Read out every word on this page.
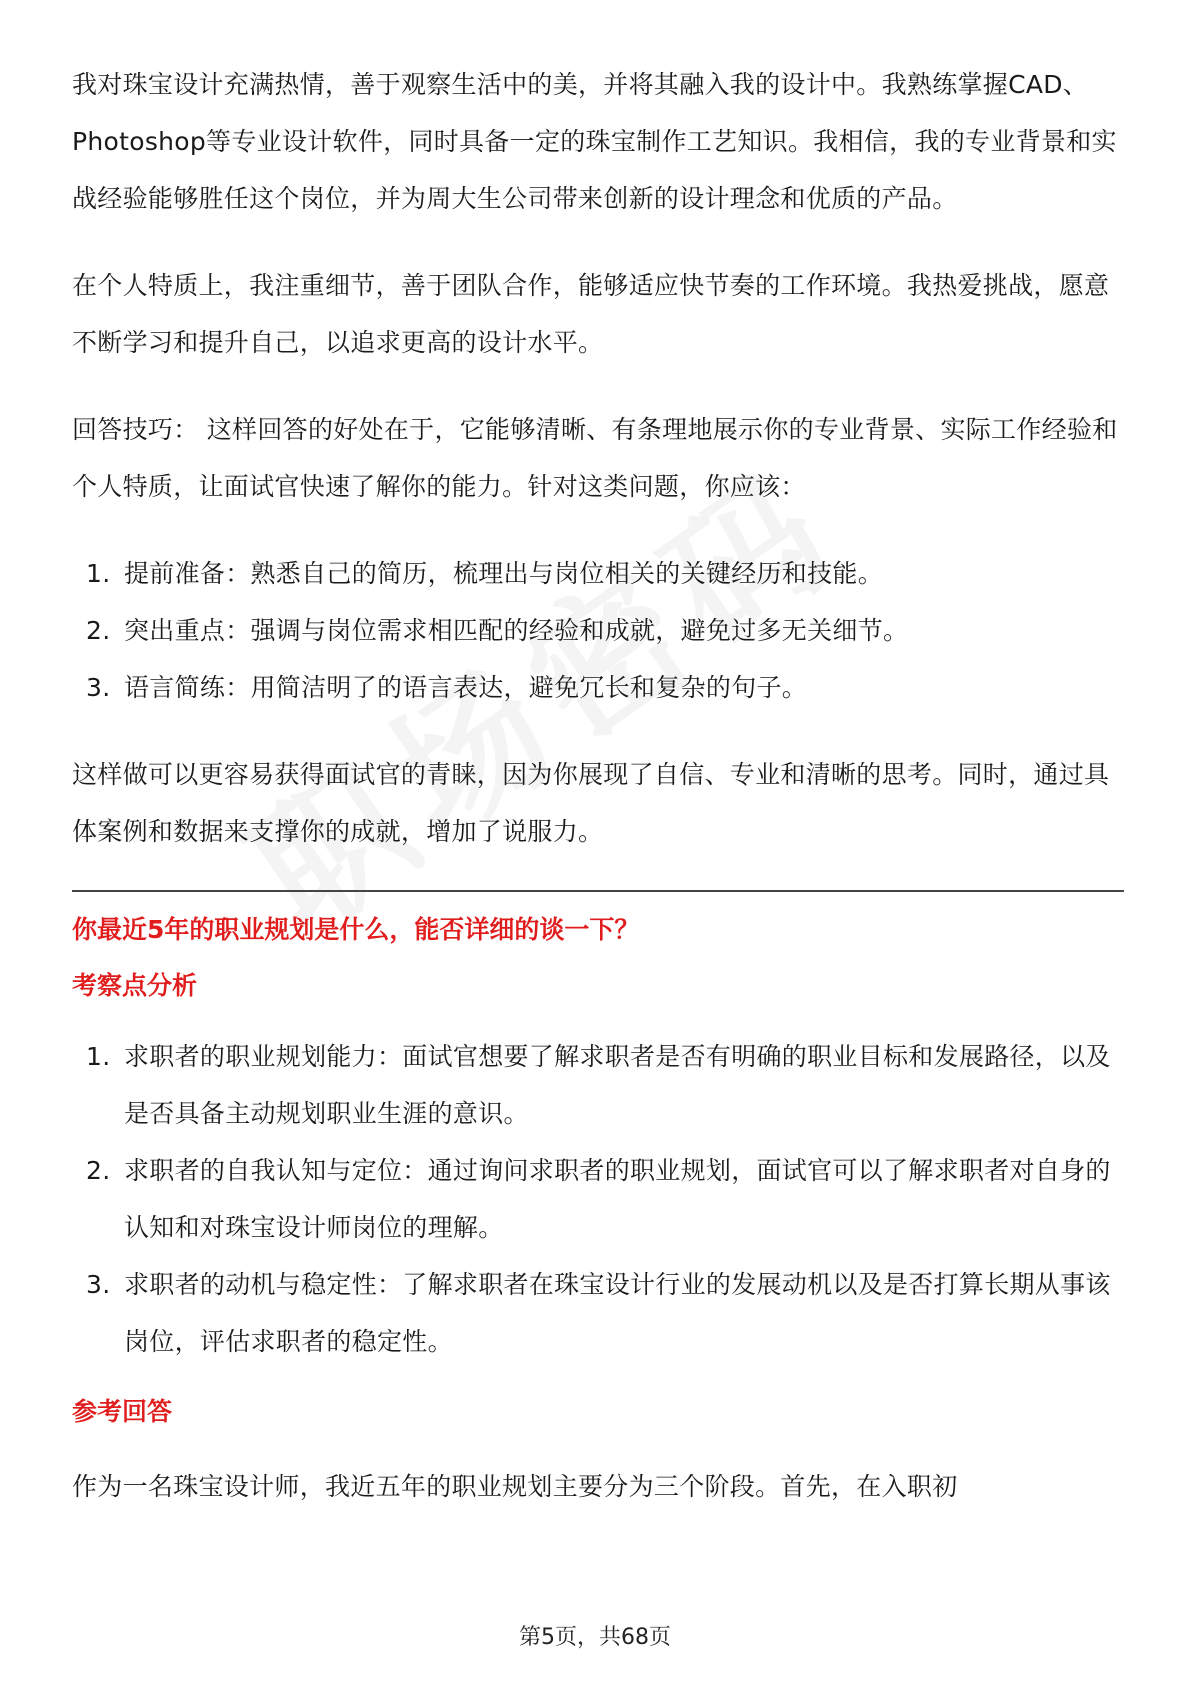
我对珠宝设计充满热情，善于观察生活中的美，并将其融入我的设计中。我熟练掌握CAD、Photoshop等专业设计软件，同时具备一定的珠宝制作工艺知识。我相信，我的专业背景和实战经验能够胜任这个岗位，并为周大生公司带来创新的设计理念和优质的产品。

在个人特质上，我注重细节，善于团队合作，能够适应快节奏的工作环境。我热爱挑战，愿意不断学习和提升自己，以追求更高的设计水平。

回答技巧： 这样回答的好处在于，它能够清晰、有条理地展示你的专业背景、实际工作经验和个人特质，让面试官快速了解你的能力。针对这类问题，你应该：

1. 提前准备：熟悉自己的简历，梳理出与岗位相关的关键经历和技能。
2. 突出重点：强调与岗位需求相匹配的经验和成就，避免过多无关细节。
3. 语言简练：用简洁明了的语言表达，避免冗长和复杂的句子。

这样做可以更容易获得面试官的青睐，因为你展现了自信、专业和清晰的思考。同时，通过具体案例和数据来支撑你的成就，增加了说服力。

你最近5年的职业规划是什么，能否详细的谈一下？
考察点分析
1. 求职者的职业规划能力：面试官想要了解求职者是否有明确的职业目标和发展路径，以及是否具备主动规划职业生涯的意识。
2. 求职者的自我认知与定位：通过询问求职者的职业规划，面试官可以了解求职者对自身的认知和对珠宝设计师岗位的理解。
3. 求职者的动机与稳定性：了解求职者在珠宝设计行业的发展动机以及是否打算长期从事该岗位，评估求职者的稳定性。
参考回答

作为一名珠宝设计师，我近五年的职业规划主要分为三个阶段。首先，在入职初

第5页，共68页
